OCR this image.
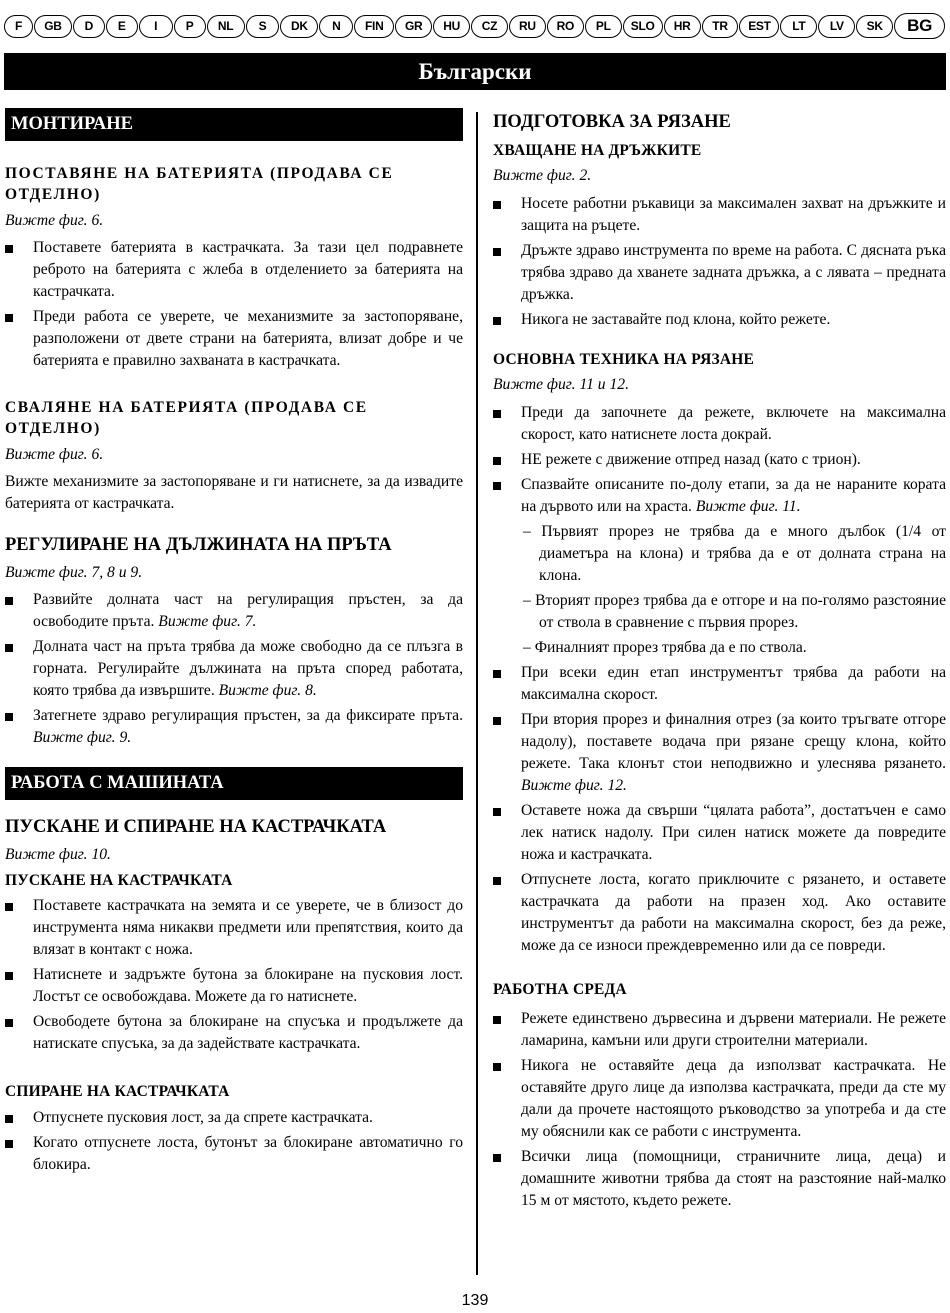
F	GB	D	E	I	P	NL	S	DK	N	FIN	GR	HU	CZ	RU	RO	PL	SLO	HR	TR	EST	LT	LV	SK	BG
Български
МОНТИРАНЕ
ПОСТАВЯНЕ НА БАТЕРИЯТА (ПРОДАВА СЕ ОТДЕЛНО)
Вижте фиг. 6.
Поставете батерията в кастрачката. За тази цел подравнете реброто на батерията с жлеба в отделението за батерията на кастрачката.
Преди работа се уверете, че механизмите за застопоряване, разположени от двете страни на батерията, влизат добре и че батерията е правилно захваната в кастрачката.
СВАЛЯНЕ НА БАТЕРИЯТА (ПРОДАВА СЕ ОТДЕЛНО)
Вижте фиг. 6.

Вижте механизмите за застопоряване и ги натиснете, за да извадите батерията от кастрачката.

РЕГУЛИРАНЕ НА ДЪЛЖИНАТА НА ПРЪТА
Вижте фиг. 7, 8 и 9.
Развийте долната част на регулиращия пръстен, за да освободите пръта. Вижте фиг. 7.
Долната част на пръта трябва да може свободно да се плъзга в горната. Регулирайте дължината на пръта според работата, която трябва да извършите. Вижте фиг. 8.
Затегнете здраво регулиращия пръстен, за да фиксирате пръта. Вижте фиг. 9.
РАБОТА С МАШИНАТА
ПУСКАНЕ И СПИРАНЕ НА КАСТРАЧКАТА
Вижте фиг. 10.
ПУСКАНЕ НА КАСТРАЧКАТА
Поставете кастрачката на земята и се уверете, че в близост до инструмента няма никакви предмети или препятствия, които да влязат в контакт с ножа.
Натиснете и задръжте бутона за блокиране на пусковия лост. Лостът се освобождава. Можете да го натиснете.
Освободете бутона за блокиране на спусъка и продължете да натискате спусъка, за да задействате кастрачката.
СПИРАНЕ НА КАСТРАЧКАТА
Отпуснете пусковия лост, за да спрете кастрачката.
Когато отпуснете лоста, бутонът за блокиране автоматично го блокира.
ПОДГОТОВКА ЗА РЯЗАНЕ
ХВАЩАНЕ НА ДРЪЖКИТЕ
Вижте фиг. 2.
Носете работни ръкавици за максимален захват на дръжките и защита на ръцете.
Дръжте здраво инструмента по време на работа. С дясната ръка трябва здраво да хванете задната дръжка, а с лявата – предната дръжка.
Никога не заставайте под клона, който режете.
ОСНОВНА ТЕХНИКА НА РЯЗАНЕ
Вижте фиг. 11 и 12.
Преди да започнете да режете, включете на максимална скорост, като натиснете лоста докрай.
НЕ режете с движение отпред назад (като с трион).
Спазвайте описаните по-долу етапи, за да не нараните кората на дървото или на храста. Вижте фиг. 11.
– Първият прорез не трябва да е много дълбок (1/4 от диаметъра на клона) и трябва да е от долната страна на клона.
– Вторият прорез трябва да е отгоре и на по-голямо разстояние от ствола в сравнение с първия прорез.
– Финалният прорез трябва да е по ствола.
При всеки един етап инструментът трябва да работи на максимална скорост.
При втория прорез и финалния отрез (за които тръгвате отгоре надолу), поставете водача при рязане срещу клона, който режете. Така клонът стои неподвижно и улеснява рязането. Вижте фиг. 12.
Оставете ножа да свърши “цялата работа”, достатъчен е само лек натиск надолу. При силен натиск можете да повредите ножа и кастрачката.
Отпуснете лоста, когато приключите с рязането, и оставете кастрачката да работи на празен ход. Ако оставите инструментът да работи на максимална скорост, без да реже, може да се износи преждевременно или да се повреди.
РАБОТНА СРЕДА
Режете единствено дървесина и дървени материали. Не режете ламарина, камъни или други строителни материали.
Никога не оставяйте деца да използват кастрачката. Не оставяйте друго лице да използва кастрачката, преди да сте му дали да прочете настоящото ръководство за употреба и да сте му обяснили как се работи с инструмента.
Всички лица (помощници, страничните лица, деца) и домашните животни трябва да стоят на разстояние най-малко 15 м от мястото, където режете.
139
